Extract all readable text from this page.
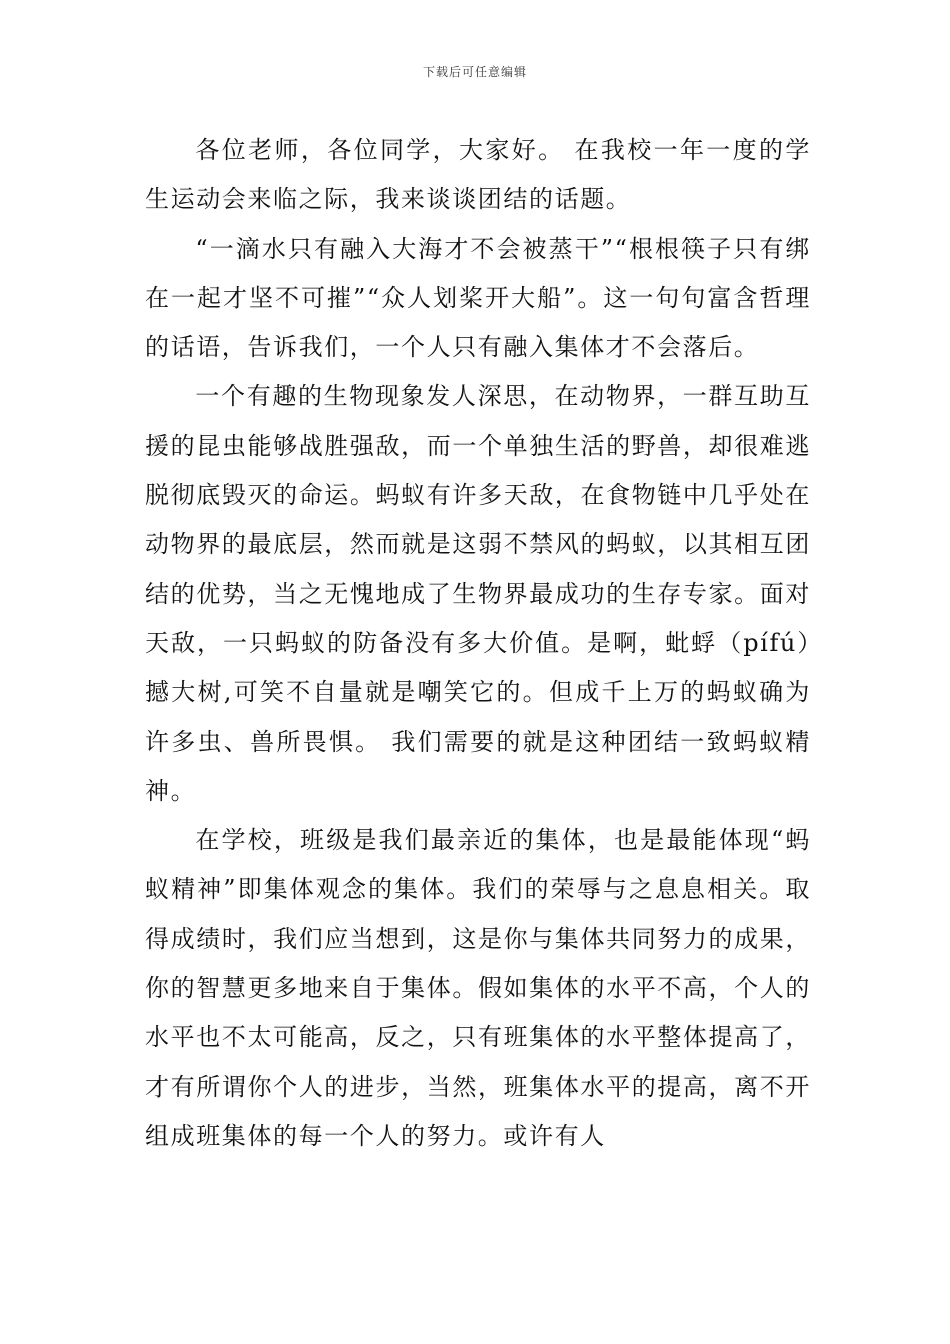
下载后可任意编辑

各位老师，各位同学，大家好。 在我校一年一度的学生运动会来临之际，我来谈谈团结的话题。

“一滴水只有融入大海才不会被蒸干”“根根筷子只有绑在一起才坚不可摧”“众人划桨开大船”。这一句句富含哲理的话语，告诉我们，一个人只有融入集体才不会落后。

一个有趣的生物现象发人深思，在动物界，一群互助互援的昆虫能够战胜强敌，而一个单独生活的野兽，却很难逃脱彻底毁灭的命运。蚂蚁有许多天敌，在食物链中几乎处在动物界的最底层，然而就是这弱不禁风的蚂蚁，以其相互团结的优势，当之无愧地成了生物界最成功的生存专家。面对天敌，一只蚂蚁的防备没有多大价值。是啊，蚍蜉（pífú）撼大树,可笑不自量就是嘲笑它的。但成千上万的蚂蚁确为许多虫、兽所畏惧。 我们需要的就是这种团结一致蚂蚁精神。

在学校，班级是我们最亲近的集体，也是最能体现“蚂蚁精神”即集体观念的集体。我们的荣辱与之息息相关。取得成绩时，我们应当想到，这是你与集体共同努力的成果，你的智慧更多地来自于集体。假如集体的水平不高，个人的水平也不太可能高，反之，只有班集体的水平整体提高了，才有所谓你个人的进步，当然，班集体水平的提高，离不开组成班集体的每一个人的努力。或许有人
